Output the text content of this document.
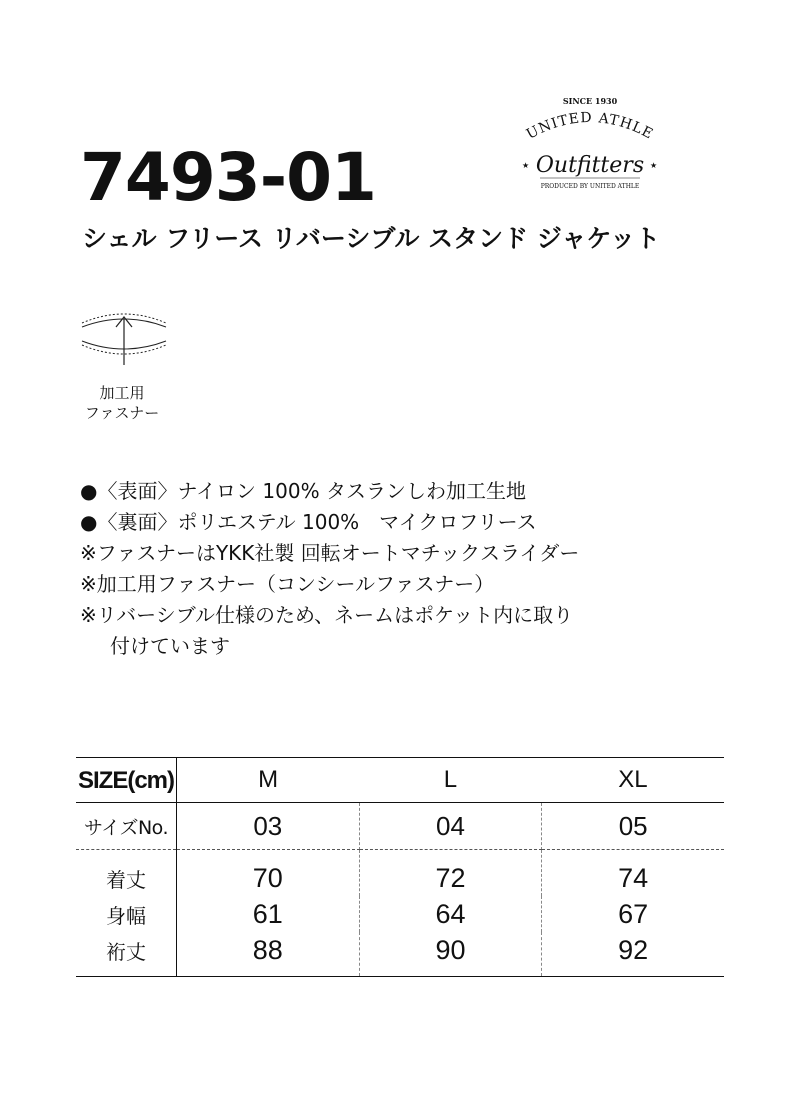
SINCE 1930
UNITED ATHLE
★	★
Outfitters
PRODUCED BY UNITED ATHLE
7493-01
シェル フリース リバーシブル スタンド ジャケット
加工用
ファスナー
●〈表面〉ナイロン 100% タスランしわ加工生地
●〈裏面〉ポリエステル 100%　マイクロフリース
※ファスナーはYKK社製 回転オートマチックスライダー
※加工用ファスナー（コンシールファスナー）
※リバーシブル仕様のため、ネームはポケット内に取り
付けています
SIZE(cm)	M	L	XL
サイズNo.	03	04	05
着丈	70	72	74
身幅	61	64	67
裄丈	88	90	92
